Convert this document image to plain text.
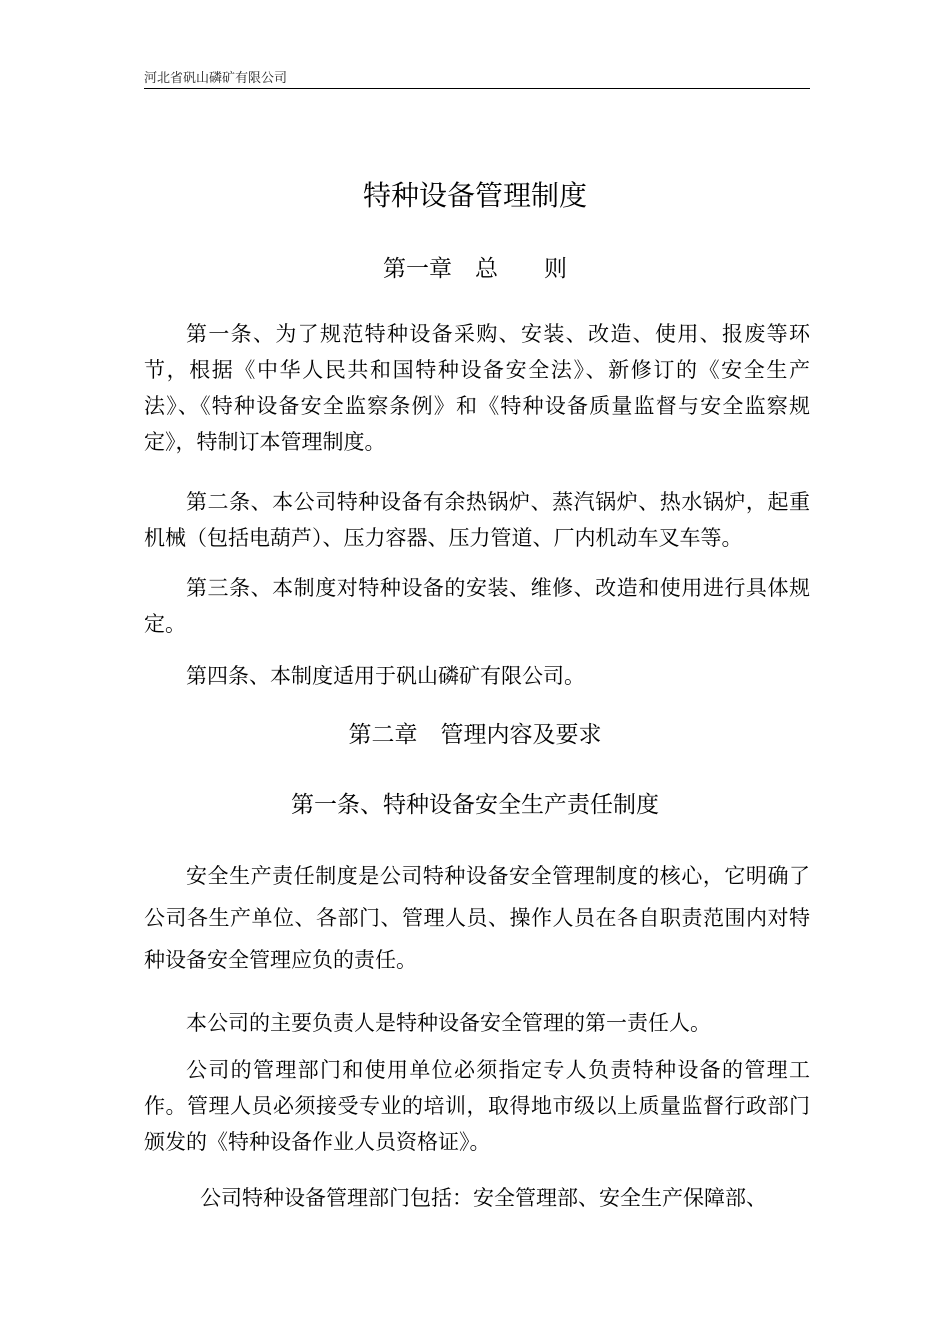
河北省矾山磷矿有限公司
特种设备管理制度
第一章　总　　则　

第一条、为了规范特种设备采购、安装、改造、使用、报废等环节，根据《中华人民共和国特种设备安全法》、新修订的《安全生产法》、《特种设备安全监察条例》和《特种设备质量监督与安全监察规定》，特制订本管理制度。

第二条、本公司特种设备有余热锅炉、蒸汽锅炉、热水锅炉，起重机械（包括电葫芦）、压力容器、压力管道、厂内机动车叉车等。

第三条、本制度对特种设备的安装、维修、改造和使用进行具体规定。

第四条、本制度适用于矾山磷矿有限公司。

第二章　管理内容及要求　
第一条、特种设备安全生产责任制度

安全生产责任制度是公司特种设备安全管理制度的核心，它明确了公司各生产单位、各部门、管理人员、操作人员在各自职责范围内对特种设备安全管理应负的责任。

本公司的主要负责人是特种设备安全管理的第一责任人。

公司的管理部门和使用单位必须指定专人负责特种设备的管理工作。管理人员必须接受专业的培训，取得地市级以上质量监督行政部门颁发的《特种设备作业人员资格证》。

公司特种设备管理部门包括：安全管理部、安全生产保障部、
